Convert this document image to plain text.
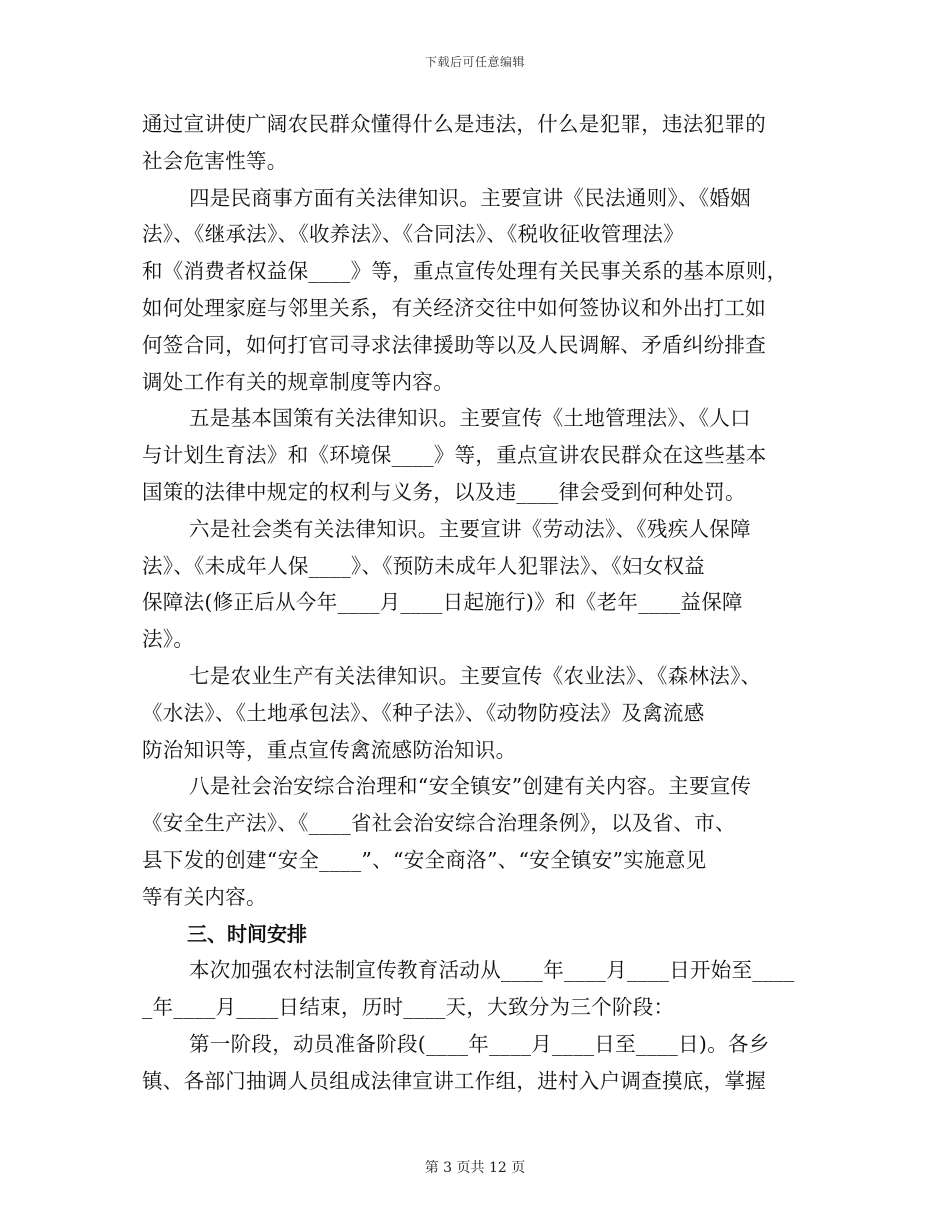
下载后可任意编辑
通过宣讲使广阔农民群众懂得什么是违法，什么是犯罪，违法犯罪的
社会危害性等。
四是民商事方面有关法律知识。主要宣讲《民法通则》、《婚姻
法》、《继承法》、《收养法》、《合同法》、《税收征收管理法》
和《消费者权益保____》等，重点宣传处理有关民事关系的基本原则，
如何处理家庭与邻里关系，有关经济交往中如何签协议和外出打工如
何签合同，如何打官司寻求法律援助等以及人民调解、矛盾纠纷排查
调处工作有关的规章制度等内容。
五是基本国策有关法律知识。主要宣传《土地管理法》、《人口
与计划生育法》和《环境保____》等，重点宣讲农民群众在这些基本
国策的法律中规定的权利与义务，以及违____律会受到何种处罚。
六是社会类有关法律知识。主要宣讲《劳动法》、《残疾人保障
法》、《未成年人保____》、《预防未成年人犯罪法》、《妇女权益
保障法(修正后从今年____月____日起施行)》和《老年____益保障
法》。
七是农业生产有关法律知识。主要宣传《农业法》、《森林法》、
《水法》、《土地承包法》、《种子法》、《动物防疫法》及禽流感
防治知识等，重点宣传禽流感防治知识。
八是社会治安综合治理和“安全镇安”创建有关内容。主要宣传
《安全生产法》、《____省社会治安综合治理条例》，以及省、市、
县下发的创建“安全____”、“安全商洛”、“安全镇安”实施意见
等有关内容。
三、时间安排
本次加强农村法制宣传教育活动从____年____月____日开始至____
_年____月____日结束，历时____天，大致分为三个阶段：
第一阶段，动员准备阶段(____年____月____日至____日)。各乡
镇、各部门抽调人员组成法律宣讲工作组，进村入户调查摸底，掌握
第 3 页共 12 页
